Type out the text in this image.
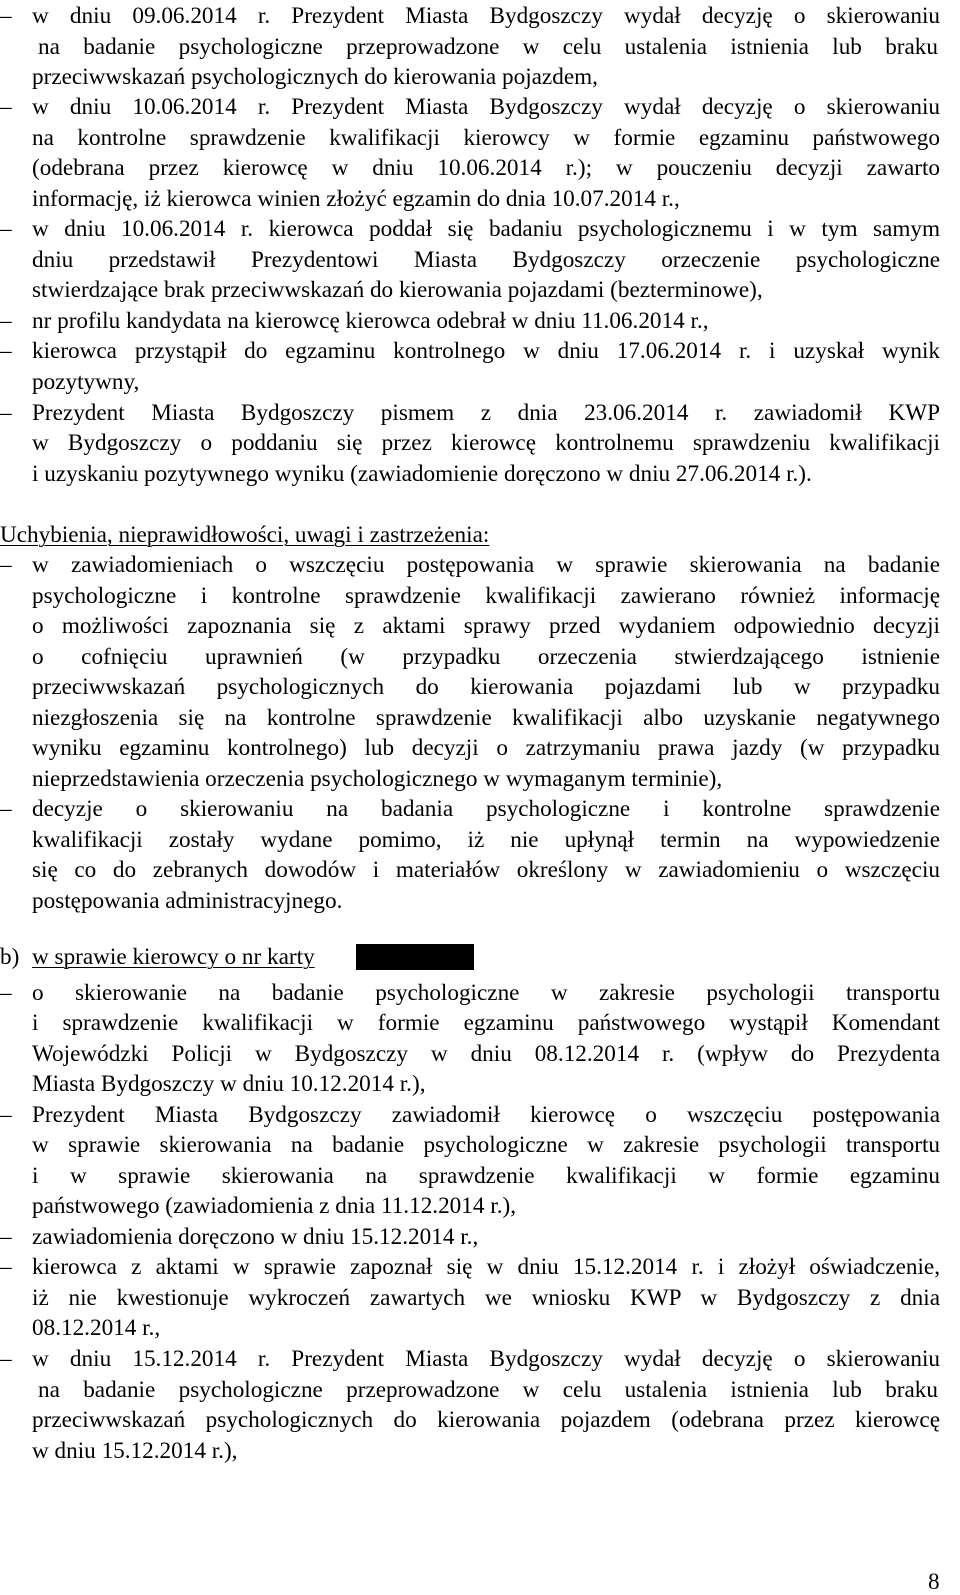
– w dniu 09.06.2014 r. Prezydent Miasta Bydgoszczy wydał decyzję o skierowaniu
na badanie psychologiczne przeprowadzone w celu ustalenia istnienia lub braku
przeciwwskazań psychologicznych do kierowania pojazdem,
– w dniu 10.06.2014 r. Prezydent Miasta Bydgoszczy wydał decyzję o skierowaniu
na kontrolne sprawdzenie kwalifikacji kierowcy w formie egzaminu państwowego
(odebrana przez kierowcę w dniu 10.06.2014 r.); w pouczeniu decyzji zawarto
informację, iż kierowca winien złożyć egzamin do dnia 10.07.2014 r.,
– w dniu 10.06.2014 r. kierowca poddał się badaniu psychologicznemu i w tym samym
dniu przedstawił Prezydentowi Miasta Bydgoszczy orzeczenie psychologiczne
stwierdzające brak przeciwwskazań do kierowania pojazdami (bezterminowe),
– nr profilu kandydata na kierowcę kierowca odebrał w dniu 11.06.2014 r.,
– kierowca przystąpił do egzaminu kontrolnego w dniu 17.06.2014 r. i uzyskał wynik
pozytywny,
– Prezydent Miasta Bydgoszczy pismem z dnia 23.06.2014 r. zawiadomił KWP
w Bydgoszczy o poddaniu się przez kierowcę kontrolnemu sprawdzeniu kwalifikacji
i uzyskaniu pozytywnego wyniku (zawiadomienie doręczono w dniu 27.06.2014 r.).
Uchybienia, nieprawidłowości, uwagi i zastrzeżenia:
– w zawiadomieniach o wszczęciu postępowania w sprawie skierowania na badanie
psychologiczne i kontrolne sprawdzenie kwalifikacji zawierano również informację
o możliwości zapoznania się z aktami sprawy przed wydaniem odpowiednio decyzji
o cofnięciu uprawnień (w przypadku orzeczenia stwierdzającego istnienie
przeciwwskazań psychologicznych do kierowania pojazdami lub w przypadku
niezgłoszenia się na kontrolne sprawdzenie kwalifikacji albo uzyskanie negatywnego
wyniku egzaminu kontrolnego) lub decyzji o zatrzymaniu prawa jazdy (w przypadku
nieprzedstawienia orzeczenia psychologicznego w wymaganym terminie),
– decyzje o skierowaniu na badania psychologiczne i kontrolne sprawdzenie
kwalifikacji zostały wydane pomimo, iż nie upłynął termin na wypowiedzenie
się co do zebranych dowodów i materiałów określony w zawiadomieniu o wszczęciu
postępowania administracyjnego.
b) w sprawie kierowcy o nr karty
– o skierowanie na badanie psychologiczne w zakresie psychologii transportu
i sprawdzenie kwalifikacji w formie egzaminu państwowego wystąpił Komendant
Wojewódzki Policji w Bydgoszczy w dniu 08.12.2014 r. (wpływ do Prezydenta
Miasta Bydgoszczy w dniu 10.12.2014 r.),
– Prezydent Miasta Bydgoszczy zawiadomił kierowcę o wszczęciu postępowania
w sprawie skierowania na badanie psychologiczne w zakresie psychologii transportu
i w sprawie skierowania na sprawdzenie kwalifikacji w formie egzaminu
państwowego (zawiadomienia z dnia 11.12.2014 r.),
– zawiadomienia doręczono w dniu 15.12.2014 r.,
– kierowca z aktami w sprawie zapoznał się w dniu 15.12.2014 r. i złożył oświadczenie,
iż nie kwestionuje wykroczeń zawartych we wniosku KWP w Bydgoszczy z dnia
08.12.2014 r.,
– w dniu 15.12.2014 r. Prezydent Miasta Bydgoszczy wydał decyzję o skierowaniu
na badanie psychologiczne przeprowadzone w celu ustalenia istnienia lub braku
przeciwwskazań psychologicznych do kierowania pojazdem (odebrana przez kierowcę
w dniu 15.12.2014 r.),
8
